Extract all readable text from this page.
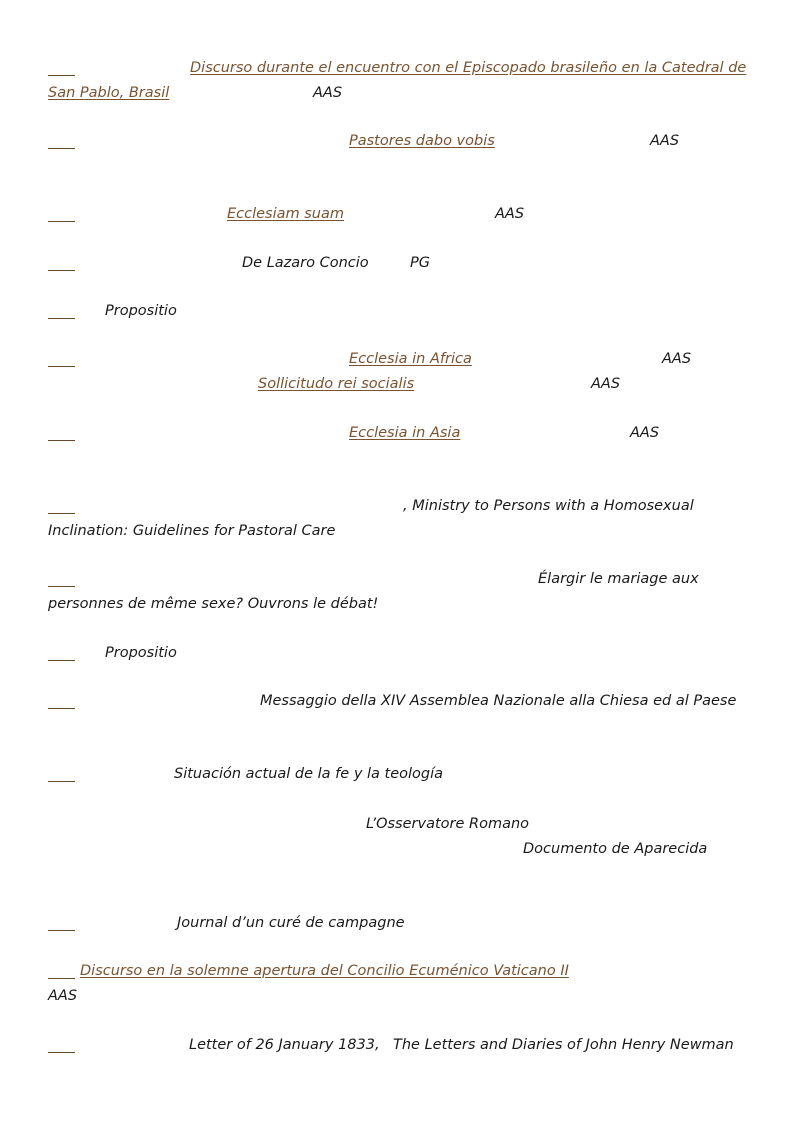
Discurso durante el encuentro con el Episcopado brasileño en la Catedral de
San Pablo, Brasil	AAS
Pastores dabo vobis	AAS
Ecclesiam suam	AAS
De Lazaro Concio	PG
Propositio
Ecclesia in Africa	AAS
Sollicitudo rei socialis	AAS
Ecclesia in Asia	AAS
, Ministry to Persons with a Homosexual
Inclination: Guidelines for Pastoral Care
Élargir le mariage aux
personnes de même sexe? Ouvrons le débat!
Propositio
Messaggio della XIV Assemblea Nazionale alla Chiesa ed al Paese
Situación actual de la fe y la teología
L’Osservatore Romano
Documento de Aparecida
Journal d’un curé de campagne
Discurso en la solemne apertura del Concilio Ecuménico Vaticano II
AAS
Letter of 26 January 1833, The Letters and Diaries of John Henry Newman
